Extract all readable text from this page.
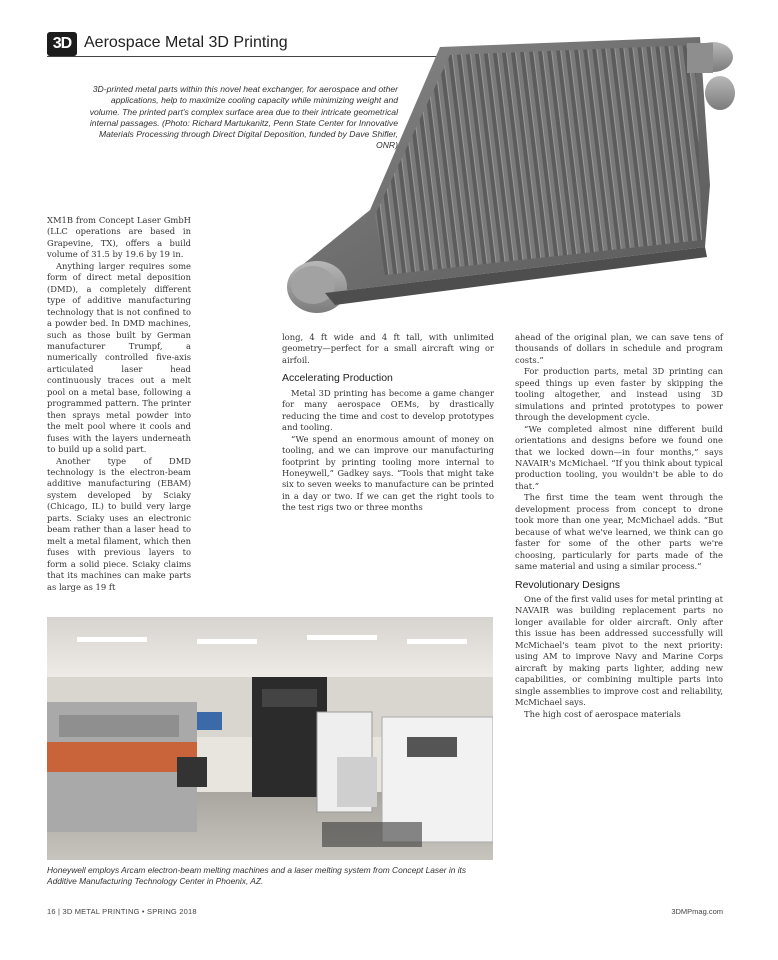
3D Aerospace Metal 3D Printing
3D-printed metal parts within this novel heat exchanger, for aerospace and other applications, help to maximize cooling capacity while minimizing weight and volume. The printed part's complex surface area due to their intricate geometrical internal passages. (Photo: Richard Martukanitz, Penn State Center for Innovative Materials Processing through Direct Digital Deposition, funded by Dave Shifler, ONR)

XM1B from Concept Laser GmbH (LLC operations are based in Grapevine, TX), offers a build volume of 31.5 by 19.6 by 19 in.

Anything larger requires some form of direct metal deposition (DMD), a completely different type of additive manufacturing technology that is not confined to a powder bed. In DMD machines, such as those built by German manufacturer Trumpf, a numerically controlled five-axis articulated laser head continuously traces out a melt pool on a metal base, following a programmed pattern. The printer then sprays metal powder into the melt pool where it cools and fuses with the layers underneath to build up a solid part.

Another type of DMD technology is the electron-beam additive manufacturing (EBAM) system developed by Sciaky (Chicago, IL) to build very large parts. Sciaky uses an electronic beam rather than a laser head to melt a metal filament, which then fuses with previous layers to form a solid piece. Sciaky claims that its machines can make parts as large as 19 ft

long, 4 ft wide and 4 ft tall, with unlimited geometry—perfect for a small aircraft wing or airfoil.

Accelerating Production

Metal 3D printing has become a game changer for many aerospace OEMs, by drastically reducing the time and cost to develop prototypes and tooling.

“We spend an enormous amount of money on tooling, and we can improve our manufacturing footprint by printing tooling more internal to Honeywell,” Gadkey says. “Tools that might take six to seven weeks to manufacture can be printed in a day or two. If we can get the right tools to the test rigs two or three months

ahead of the original plan, we can save tens of thousands of dollars in schedule and program costs.”

For production parts, metal 3D printing can speed things up even faster by skipping the tooling altogether, and instead using 3D simulations and printed prototypes to power through the development cycle.

“We completed almost nine different build orientations and designs before we found one that we locked down—in four months,” says NAVAIR's McMichael. “If you think about typical production tooling, you wouldn't be able to do that.”

The first time the team went through the development process from concept to drone took more than one year, McMichael adds. “But because of what we've learned, we think can go faster for some of the other parts we're choosing, particularly for parts made of the same material and using a similar process.”

Revolutionary Designs

One of the first valid uses for metal printing at NAVAIR was building replacement parts no longer available for older aircraft. Only after this issue has been addressed successfully will McMichael's team pivot to the next priority: using AM to improve Navy and Marine Corps aircraft by making parts lighter, adding new capabilities, or combining multiple parts into single assemblies to improve cost and reliability, McMichael says.

The high cost of aerospace materials

Honeywell employs Arcam electron-beam melting machines and a laser melting system from Concept Laser in its Additive Manufacturing Technology Center in Phoenix, AZ.
16 | 3D METAL PRINTING • SPRING 2018	3DMPmag.com
